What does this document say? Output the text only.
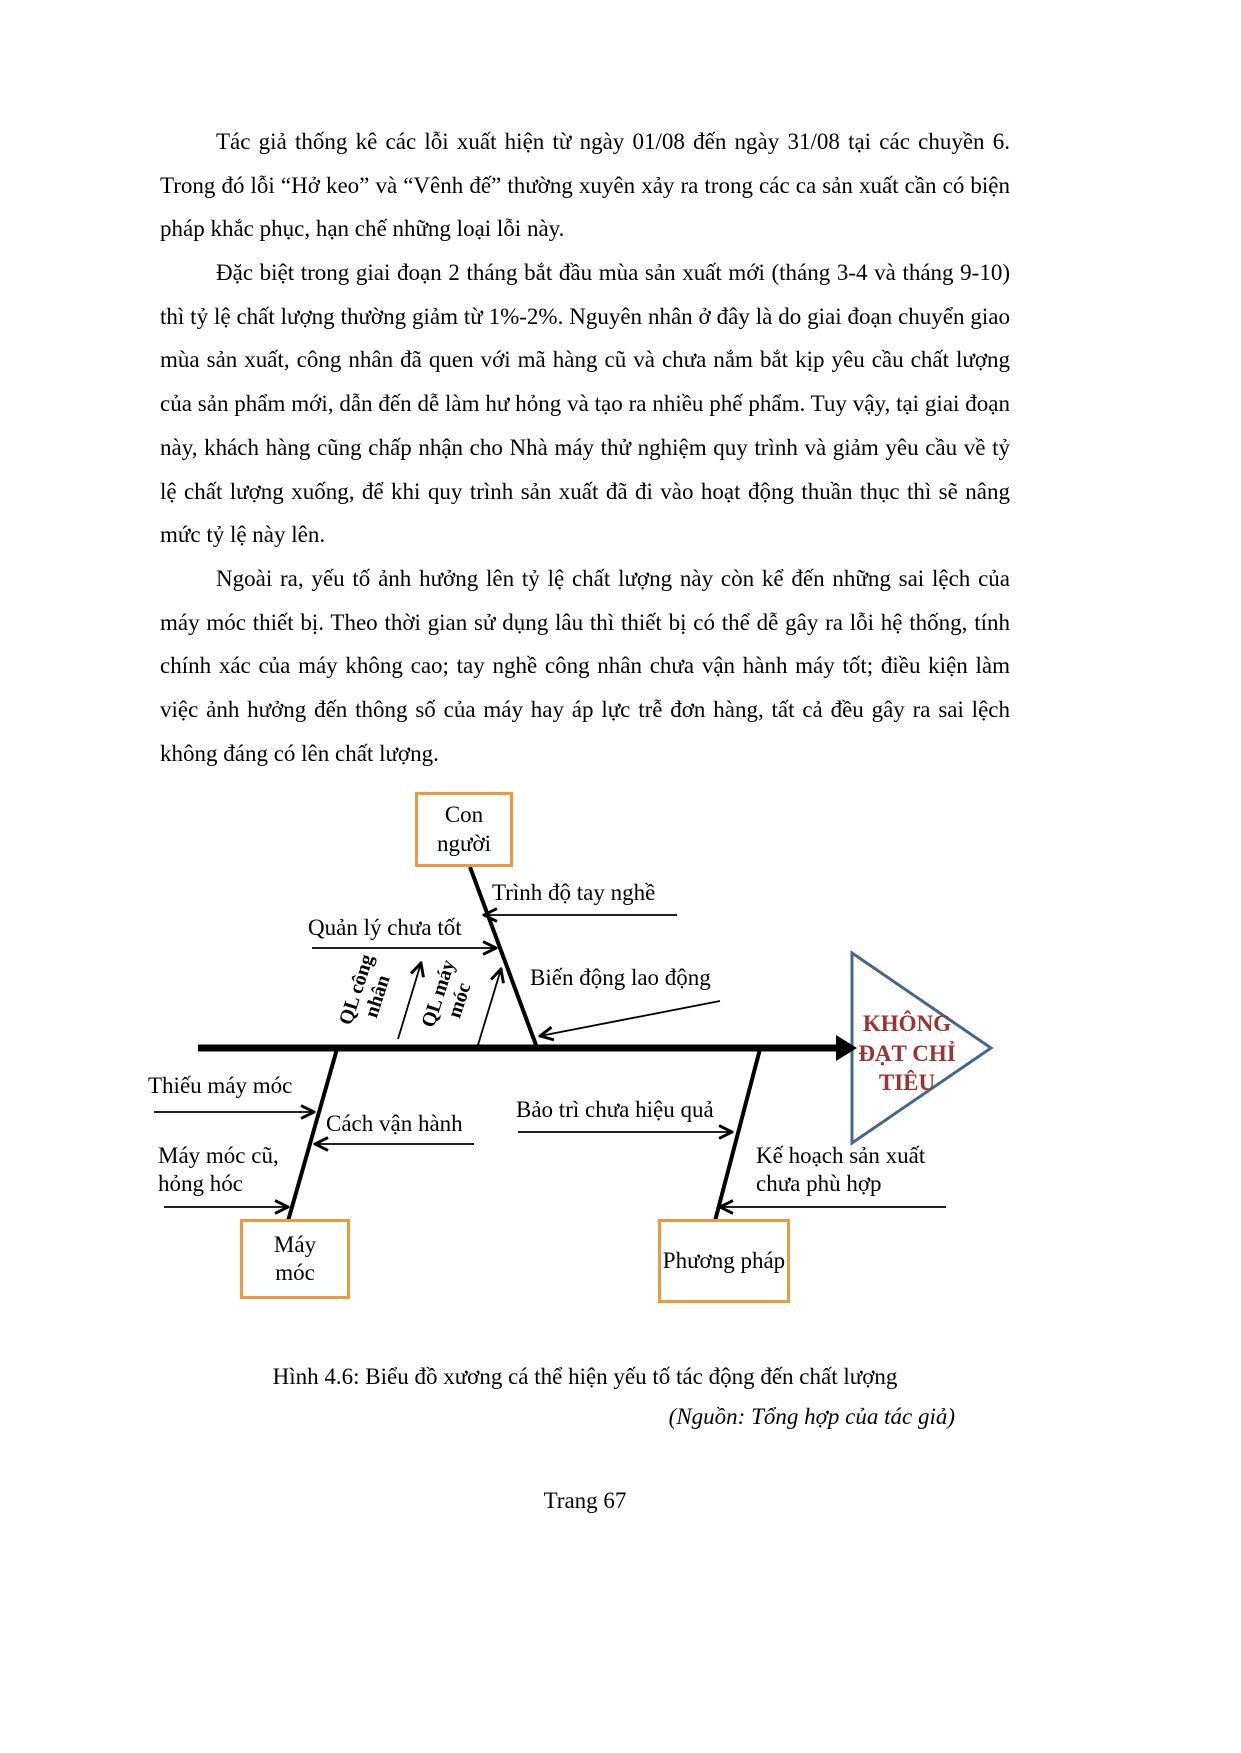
Tác giả thống kê các lỗi xuất hiện từ ngày 01/08 đến ngày 31/08 tại các chuyền 6. Trong đó lỗi “Hở keo” và “Vênh đế” thường xuyên xảy ra trong các ca sản xuất cần có biện pháp khắc phục, hạn chế những loại lỗi này.

Đặc biệt trong giai đoạn 2 tháng bắt đầu mùa sản xuất mới (tháng 3-4 và tháng 9-10) thì tỷ lệ chất lượng thường giảm từ 1%-2%. Nguyên nhân ở đây là do giai đoạn chuyển giao mùa sản xuất, công nhân đã quen với mã hàng cũ và chưa nắm bắt kịp yêu cầu chất lượng của sản phẩm mới, dẫn đến dễ làm hư hỏng và tạo ra nhiều phế phẩm. Tuy vậy, tại giai đoạn này, khách hàng cũng chấp nhận cho Nhà máy thử nghiệm quy trình và giảm yêu cầu về tỷ lệ chất lượng xuống, để khi quy trình sản xuất đã đi vào hoạt động thuần thục thì sẽ nâng mức tỷ lệ này lên.

Ngoài ra, yếu tố ảnh hưởng lên tỷ lệ chất lượng này còn kể đến những sai lệch của máy móc thiết bị. Theo thời gian sử dụng lâu thì thiết bị có thể dễ gây ra lỗi hệ thống, tính chính xác của máy không cao; tay nghề công nhân chưa vận hành máy tốt; điều kiện làm việc ảnh hưởng đến thông số của máy hay áp lực trễ đơn hàng, tất cả đều gây ra sai lệch không đáng có lên chất lượng.

Con người
Máy móc	Phương pháp
Trình độ tay nghề
Quản lý chưa tốt
QL công nhân	QL máy móc
Biến động lao động
Thiếu máy móc
Cách vận hành
Máy móc cũ, hỏng hóc
Bảo trì chưa hiệu quả
Kế hoạch sản xuất chưa phù hợp
KHÔNG ĐẠT CHỈ TIÊU

Hình 4.6: Biểu đồ xương cá thể hiện yếu tố tác động đến chất lượng

(Nguồn: Tổng hợp của tác giả)

Trang 67
